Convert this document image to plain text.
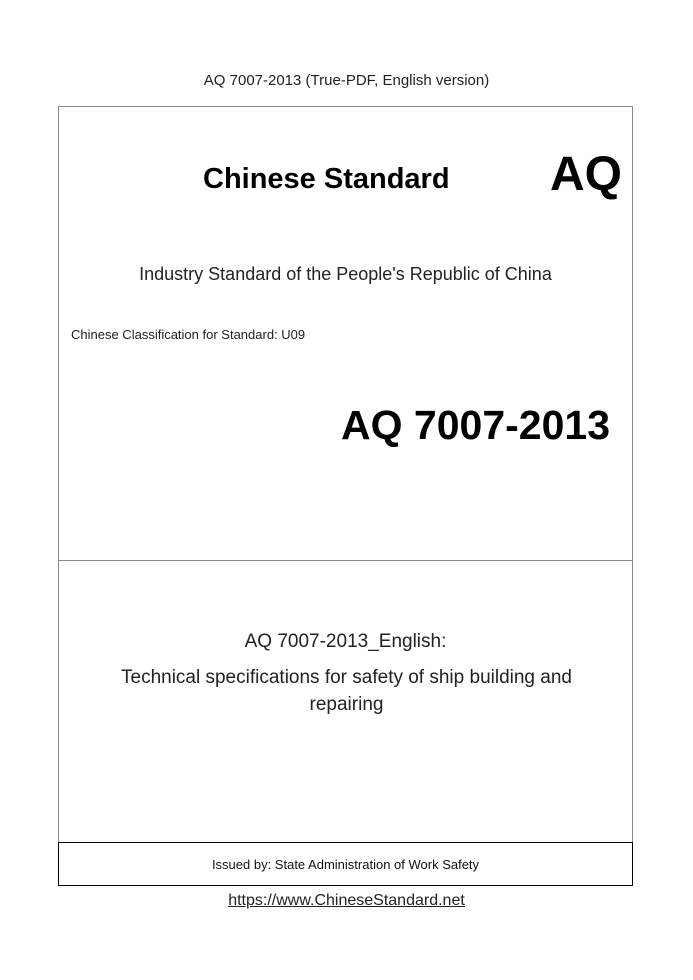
AQ 7007-2013 (True-PDF, English version)
Chinese Standard AQ
Industry Standard of the People's Republic of China
Chinese Classification for Standard: U09
AQ 7007-2013
AQ 7007-2013_English:
Technical specifications for safety of ship building and repairing
Issued by: State Administration of Work Safety
https://www.ChineseStandard.net
